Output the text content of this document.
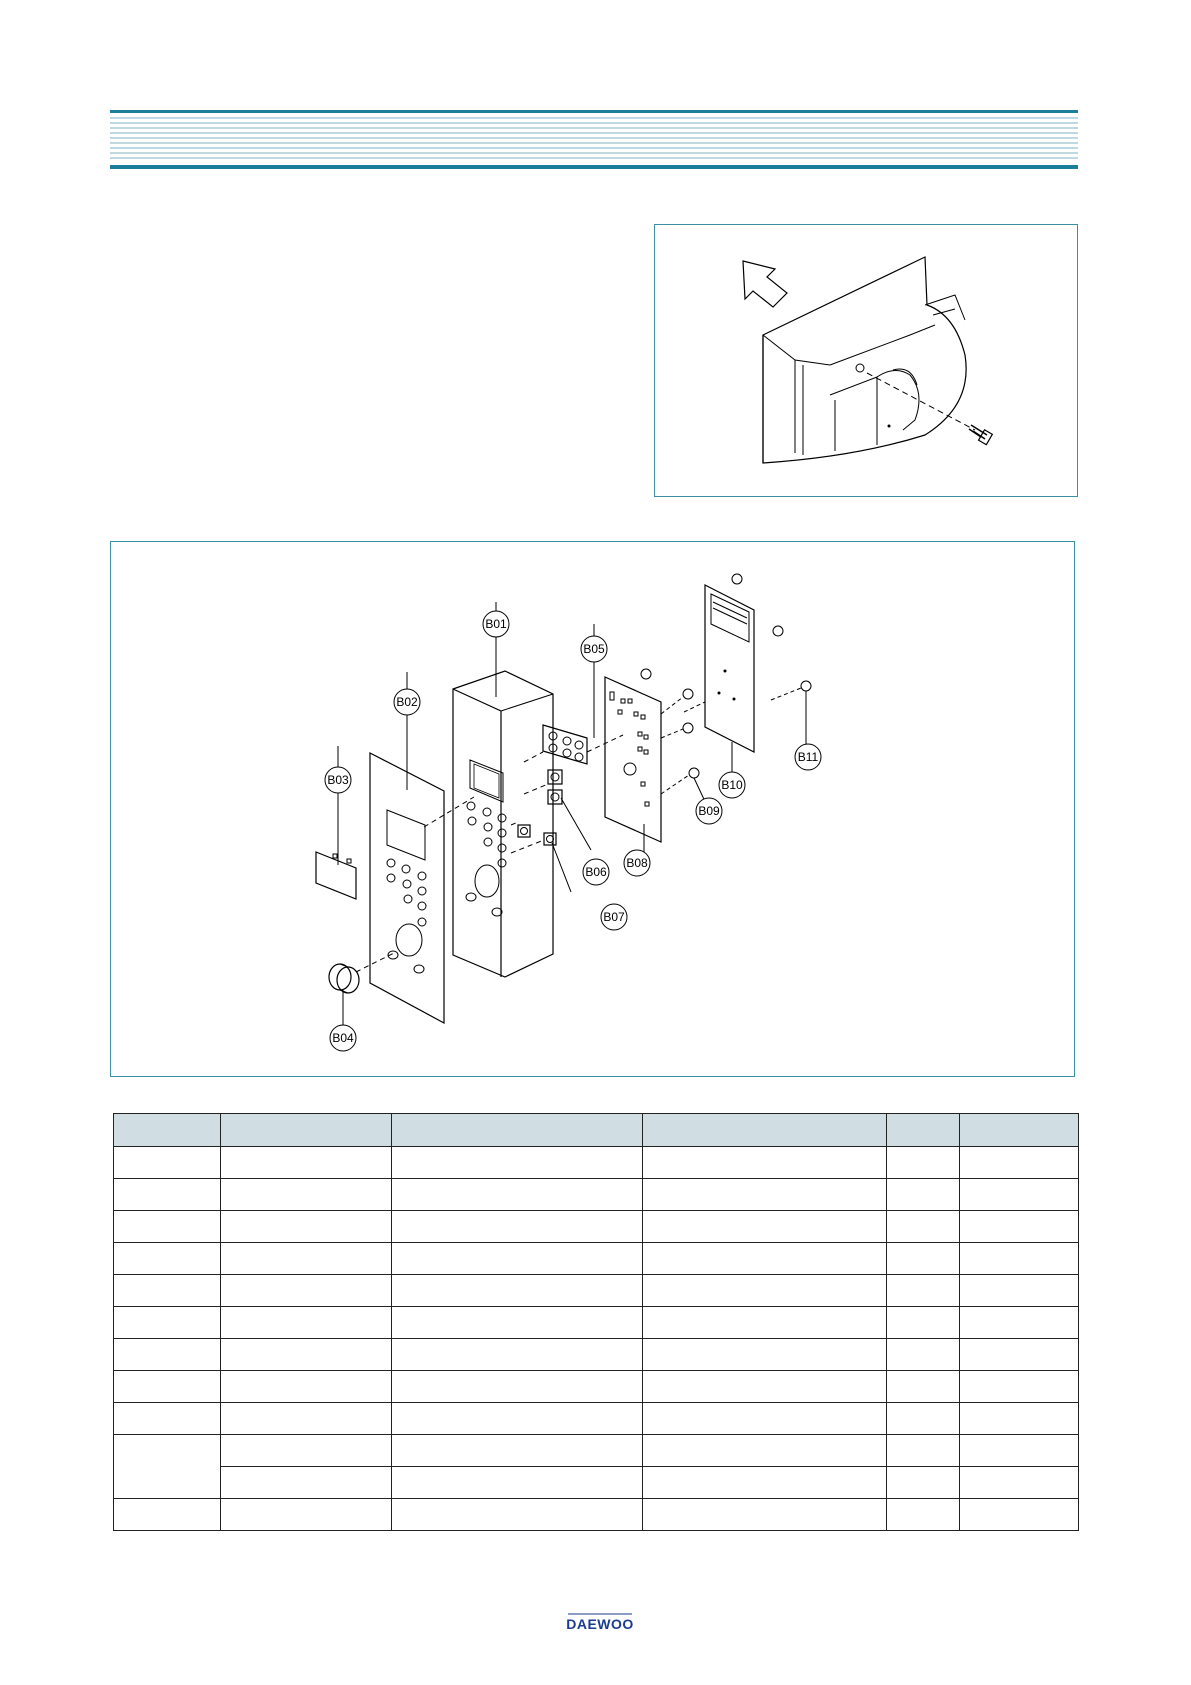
B01
B02
B03
B04
B05
B08
B06
B07
B09
B10
B11

DAEWOO
